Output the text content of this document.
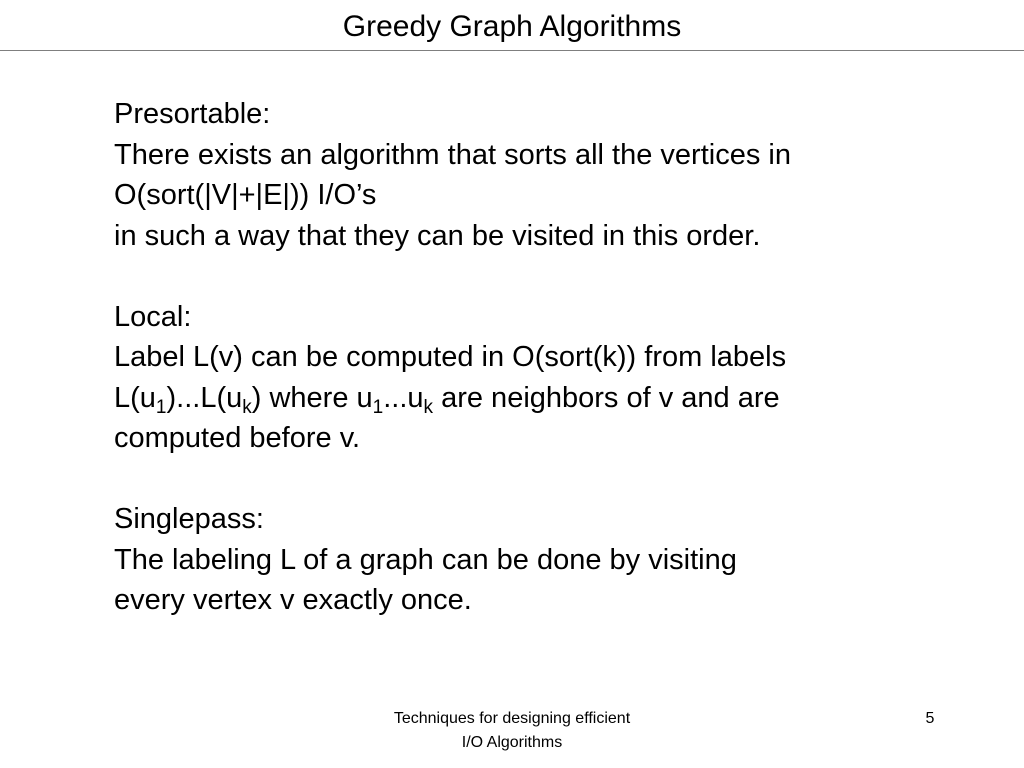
Greedy Graph Algorithms

Presortable:

There exists an algorithm that sorts all the vertices in

O(sort(|V|+|E|)) I/O’s

in such a way that they can be visited in this order.

Local:

Label L(v) can be computed in O(sort(k)) from labels

$L(u_1)...L(u_k)$ where $u_1...u_k$ are neighbors of v and are

computed before v.

Singlepass:

The labeling L of a graph can be done by visiting

every vertex v exactly once.

Techniques for designing efficient
I/O Algorithms
5
